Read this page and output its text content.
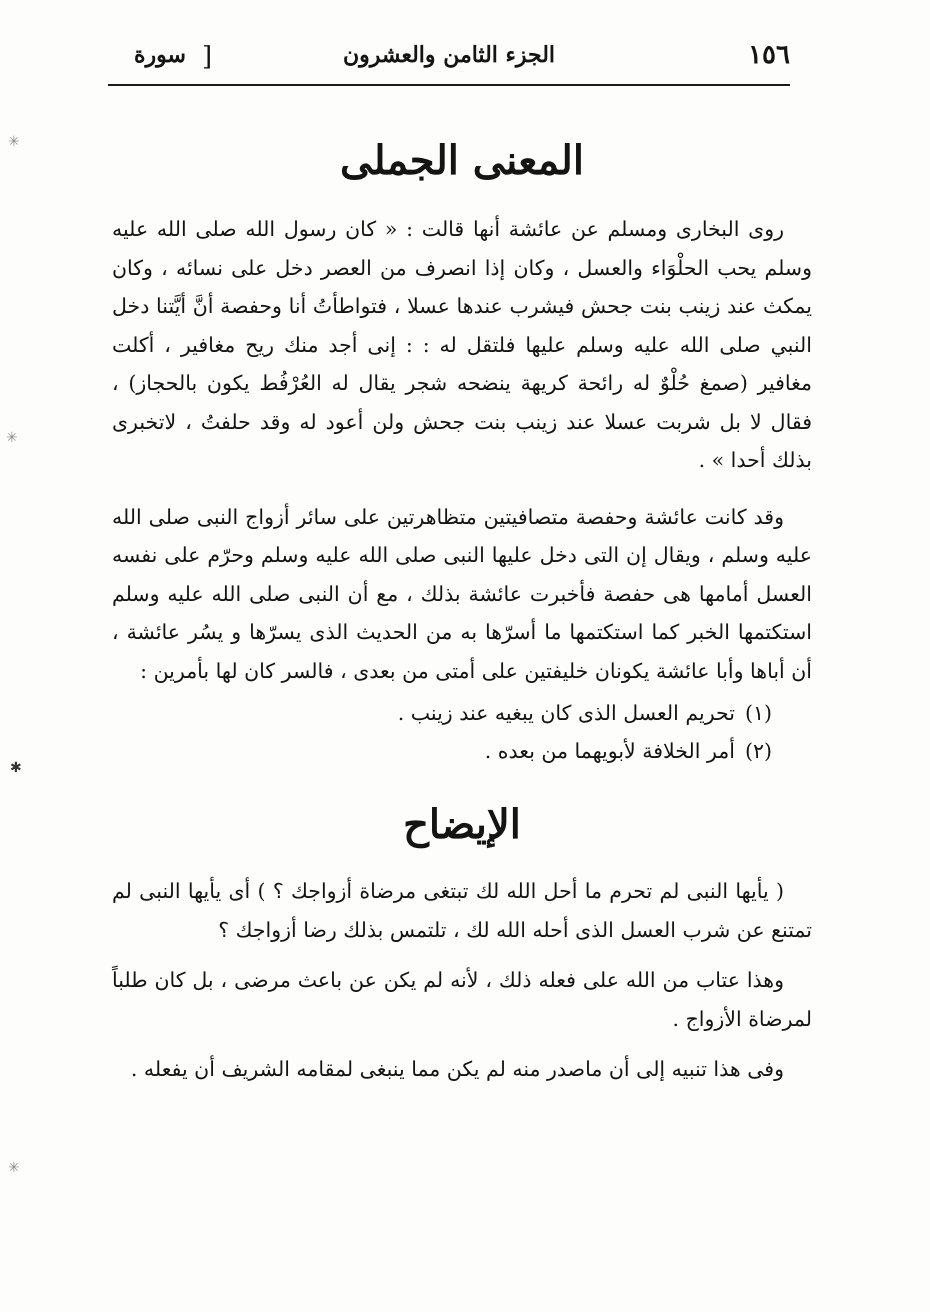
١٥٦
الجزء الثامن والعشرون
[
سورة
✳
✳
✱
✳
المعنى الجملى

روى البخارى ومسلم عن عائشة أنها قالت : « كان رسول الله صلى الله عليه وسلم يحب الحلْوَاء والعسل ، وكان إذا انصرف من العصر دخل على نسائه ، وكان يمكث عند زينب بنت جحش فيشرب عندها عسلا ، فتواطأتُ أنا وحفصة أنَّ أيَّتنا دخل النبي صلى الله عليه وسلم عليها فلتقل له : : إنى أجد منك ريح مغافير ، أكلت مغافير (صمغ حُلْوٌ له رائحة كريهة ينضحه شجر يقال له العُرْفُط يكون بالحجاز) ، فقال لا بل شربت عسلا عند زينب بنت جحش ولن أعود له وقد حلفتُ ، لاتخبرى بذلك أحدا » .

وقد كانت عائشة وحفصة متصافيتين متظاهرتين على سائر أزواج النبى صلى الله عليه وسلم ، ويقال إن التى دخل عليها النبى صلى الله عليه وسلم وحرّم على نفسه العسل أمامها هى حفصة فأخبرت عائشة بذلك ، مع أن النبى صلى الله عليه وسلم استكتمها الخبر كما استكتمها ما أسرّها به من الحديث الذى يسرّها و يسُر عائشة ، أن أباها وأبا عائشة يكونان خليفتين على أمتى من بعدى ، فالسر كان لها بأمرين :

(١)تحريم العسل الذى كان يبغيه عند زينب .
(٢)أمر الخلافة لأبويهما من بعده .
الإيضاح

( يأيها النبى لم تحرم ما أحل الله لك تبتغى مرضاة أزواجك ؟ ) أى يأيها النبى لم تمتنع عن شرب العسل الذى أحله الله لك ، تلتمس بذلك رضا أزواجك ؟

وهذا عتاب من الله على فعله ذلك ، لأنه لم يكن عن باعث مرضى ، بل كان طلباً لمرضاة الأزواج .

وفى هذا تنبيه إلى أن ماصدر منه لم يكن مما ينبغى لمقامه الشريف أن يفعله .
